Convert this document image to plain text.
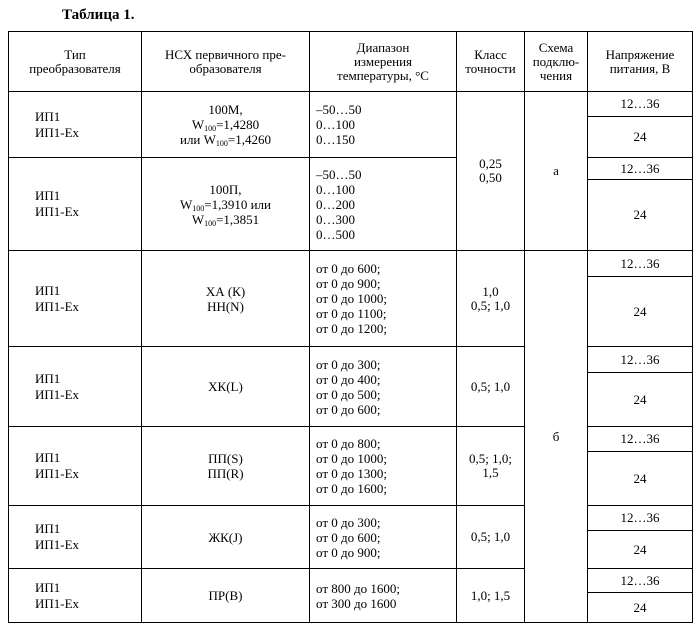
Таблица 1.
Тип
преобразователя	НСХ первичного пре-
образователя	Диапазон
измерения
температуры, °С	Класс
точности	Схема
подклю-
чения	Напряжение
питания, В

ИП1
ИП1-Ех	100М,
$W_{100}=1,4280$
или $W_{100}=1,4260$	–50…50
0…100
0…150	0,25
0,50	а	12…36
					24

ИП1
ИП1-Ех	100П,
$W_{100}=1,3910$ или
$W_{100}=1,3851$	–50…50
0…100
0…200
0…300
0…500			12…36
					24

ИП1
ИП1-Ех	ХА (К)
НН(N)	от 0 до 600;
от 0 до 900;
от 0 до 1000;
от 0 до 1100;
от 0 до 1200;	1,0
0,5; 1,0	б	12…36
					24

ИП1
ИП1-Ех	ХК(L)	от 0 до 300;
от 0 до 400;
от 0 до 500;
от 0 до 600;	0,5; 1,0		12…36
					24

ИП1
ИП1-Ех	ПП(S)
ПП(R)	от 0 до 800;
от 0 до 1000;
от 0 до 1300;
от 0 до 1600;	0,5; 1,0;
1,5		12…36
					24

ИП1
ИП1-Ех	ЖК(J)	от 0 до 300;
от 0 до 600;
от 0 до 900;	0,5; 1,0		12…36
					24

ИП1
ИП1-Ех	ПР(В)	от 800 до 1600;
от 300 до 1600	1,0; 1,5		12…36
					24
